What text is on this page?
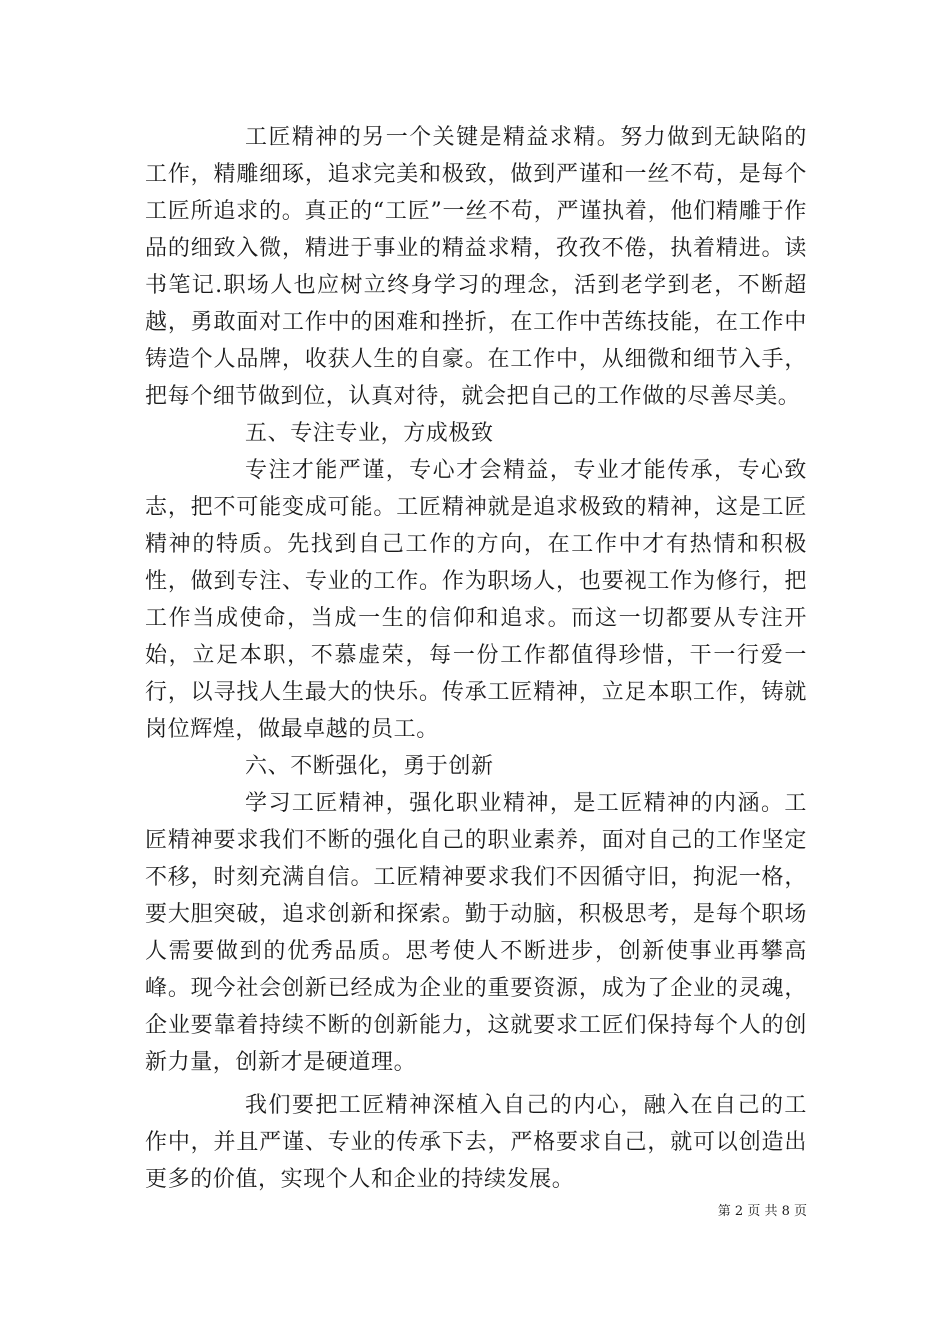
工匠精神的另一个关键是精益求精。努力做到无缺陷的工作，精雕细琢，追求完美和极致，做到严谨和一丝不苟，是每个工匠所追求的。真正的“工匠”一丝不苟，严谨执着，他们精雕于作品的细致入微，精进于事业的精益求精，孜孜不倦，执着精进。读书笔记.职场人也应树立终身学习的理念，活到老学到老，不断超越，勇敢面对工作中的困难和挫折，在工作中苦练技能，在工作中铸造个人品牌，收获人生的自豪。在工作中，从细微和细节入手，把每个细节做到位，认真对待，就会把自己的工作做的尽善尽美。

五、专注专业，方成极致

专注才能严谨，专心才会精益，专业才能传承，专心致志，把不可能变成可能。工匠精神就是追求极致的精神，这是工匠精神的特质。先找到自己工作的方向，在工作中才有热情和积极性，做到专注、专业的工作。作为职场人，也要视工作为修行，把工作当成使命，当成一生的信仰和追求。而这一切都要从专注开始，立足本职，不慕虚荣，每一份工作都值得珍惜，干一行爱一行，以寻找人生最大的快乐。传承工匠精神，立足本职工作，铸就岗位辉煌，做最卓越的员工。

六、不断强化，勇于创新

学习工匠精神，强化职业精神，是工匠精神的内涵。工匠精神要求我们不断的强化自己的职业素养，面对自己的工作坚定不移，时刻充满自信。工匠精神要求我们不因循守旧，拘泥一格，要大胆突破，追求创新和探索。勤于动脑，积极思考，是每个职场人需要做到的优秀品质。思考使人不断进步，创新使事业再攀高峰。现今社会创新已经成为企业的重要资源，成为了企业的灵魂，企业要靠着持续不断的创新能力，这就要求工匠们保持每个人的创新力量，创新才是硬道理。

我们要把工匠精神深植入自己的内心，融入在自己的工作中，并且严谨、专业的传承下去，严格要求自己，就可以创造出更多的价值，实现个人和企业的持续发展。

第 2 页 共 8 页
